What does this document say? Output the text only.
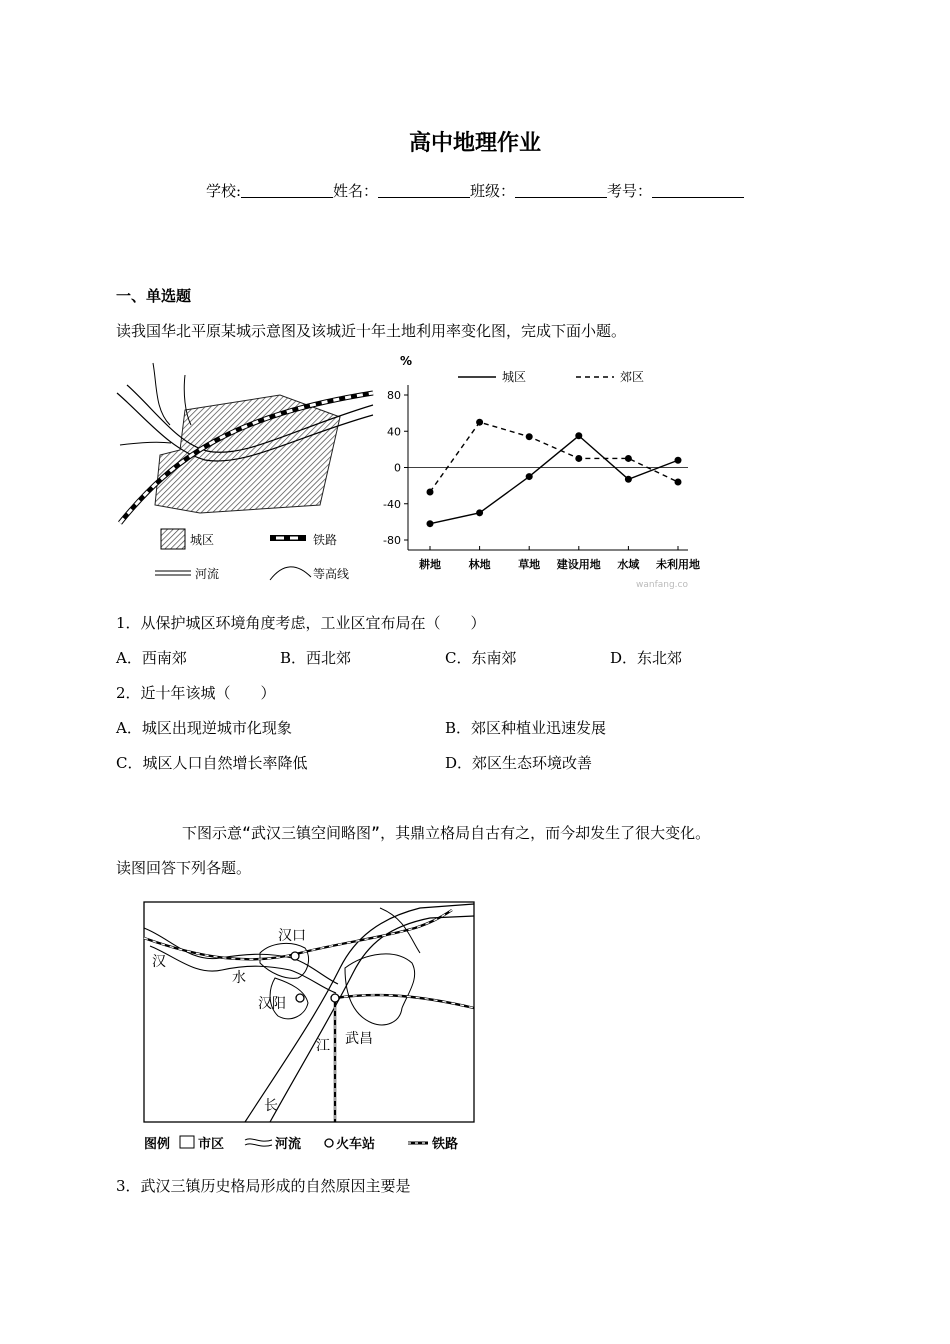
高中地理作业
学校:	姓名：	班级：	考号：
一、单选题
读我国华北平原某城示意图及该城近十年土地利用率变化图，完成下面小题。
城区	铁路
河流	等高线
城区	郊区
%
80
40
0
-40
-80
耕地	林地	草地 建设用地 水域 未利用地
wanfang.co
1．从保护城区环境角度考虑，工业区宜布局在（　　）
A．西南郊	B．西北郊	C．东南郊	D．东北郊
2．近十年该城（　　）
A．城区出现逆城市化现象	B．郊区种植业迅速发展
C．城区人口自然增长率降低	D．郊区生态环境改善
下图示意“武汉三镇空间略图”，其鼎立格局自古有之，而今却发生了很大变化。
读图回答下列各题。
汉口
汉
水
汉阳
江 武昌
长
图例 市区	河流	火车站	铁路
3．武汉三镇历史格局形成的自然原因主要是
